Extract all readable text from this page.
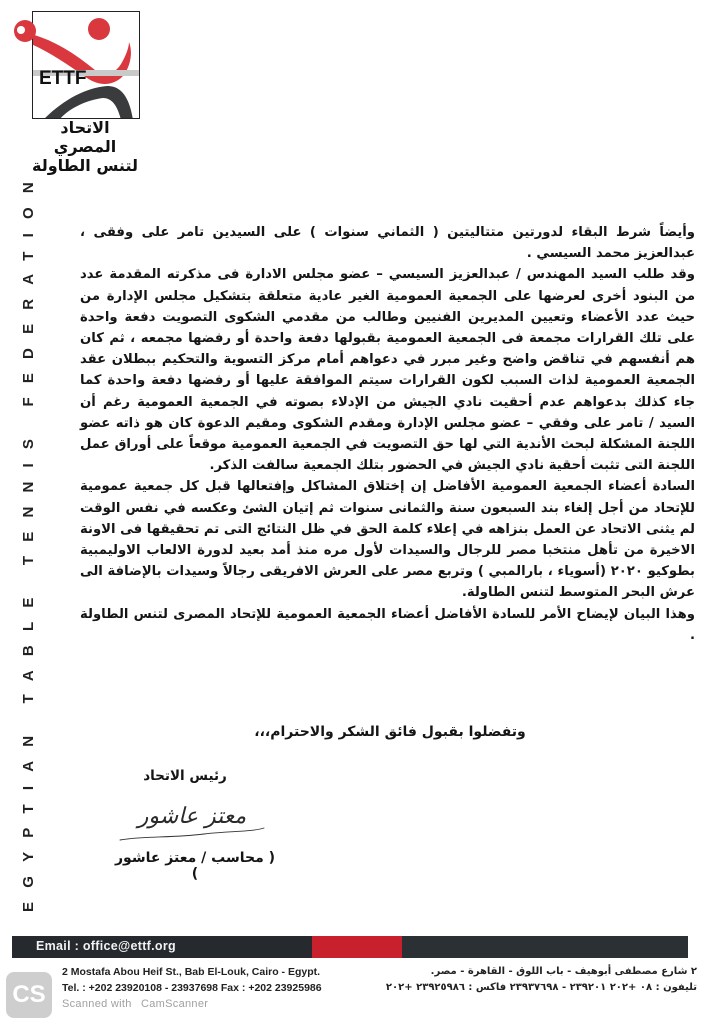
ETTF
الاتحاد المصري
لتنس الطاولة
EGYPTIAN TABLE TENNIS FEDERATION	وأيضاً شرط البقاء لدورتين متتاليتين ( الثماني سنوات ) على السيدين تامر على وفقى ، عبدالعزيز محمد السيسي .

وقد طلب السيد المهندس / عبدالعزيز السيسي – عضو مجلس الادارة فى مذكرته المقدمة عدد من البنود أخرى لعرضها على الجمعية العمومية الغير عادية متعلقة بتشكيل مجلس الإدارة من حيث عدد الأعضاء وتعيين المديرين الفنيين وطالب من مقدمي الشكوى التصويت دفعة واحدة على تلك القرارات مجمعة فى الجمعية العمومية بقبولها دفعة واحدة أو رفضها مجمعه ، ثم كان هم أنفسهم في تناقض واضح وغير مبرر في دعواهم أمام مركز التسوية والتحكيم ببطلان عقد الجمعية العمومية لذات السبب لكون القرارات سيتم الموافقة عليها أو رفضها دفعة واحدة كما جاء كذلك بدعواهم عدم أحقيت نادي الجيش من الإدلاء بصوته في الجمعية العمومية رغم أن السيد / تامر على وفقي – عضو مجلس الإدارة ومقدم الشكوى ومقيم الدعوة كان هو ذاته عضو اللجنة المشكلة لبحث الأندية التي لها حق التصويت في الجمعية العمومية موقعاً على أوراق عمل اللجنة التى تثبت أحقية نادي الجيش في الحضور بتلك الجمعية سالفت الذكر.

السادة أعضاء الجمعية العمومية الأفاضل إن إختلاق المشاكل وإفتعالها قبل كل جمعية عمومية للإتحاد من أجل إلغاء بند السبعون سنة والثمانى سنوات ثم إتيان الشئ وعكسه في نفس الوقت لم يثنى الاتحاد عن العمل بنزاهه في إعلاء كلمة الحق في ظل النتائج التى تم تحقيقها فى الاونة الاخيرة من تأهل منتخبا مصر للرجال والسيدات لأول مره منذ أمد بعيد لدورة الالعاب الاوليمبية بطوكيو ٢٠٢٠ (أسوياء ، بارالمبي ) وتربع مصر على العرش الافريقى رجالاً وسيدات بالإضافة الى عرش البحر المتوسط لتنس الطاولة.

وهذا البيان لإيضاح الأمر للسادة الأفاضل أعضاء الجمعية العمومية للإتحاد المصرى لتنس الطاولة .

وتفضلوا بقبول فائق الشكر والاحترام،،،
رئيس الاتحاد
معتز عاشور
( محاسب / معتز عاشور )
Email : office@ettf.org
2 Mostafa Abou Heif St., Bab El-Louk, Cairo - Egypt.
Tel. : +202 23920108 - 23937698 Fax : +202 23925986
٢ شارع مصطفى أبوهيف - باب اللوق - القاهرة - مصر.
تليفون : ٠٨ +٢٠٢ ٢٣٩٢٠١ - ٢٣٩٣٧٦٩٨ فاكس : ٢٣٩٢٥٩٨٦ +٢٠٢
CS	Scanned with CamScanner
